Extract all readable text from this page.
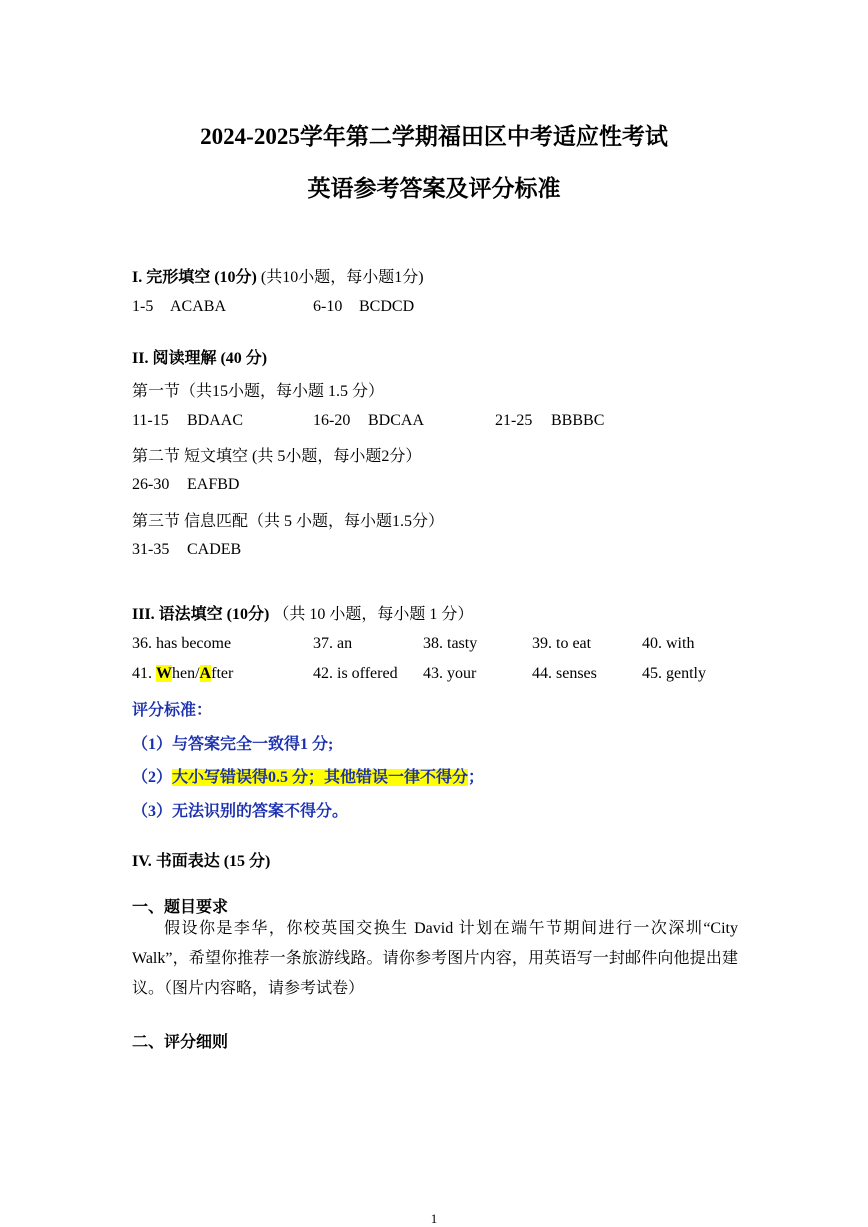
2024-2025学年第二学期福田区中考适应性考试
英语参考答案及评分标准
I. 完形填空 (10分) (共10小题，每小题1分)
1-5 ACABA	6-10 BCDCD
II. 阅读理解 (40 分)
第一节（共15小题，每小题 1.5 分）
11-15 BDAAC	16-20 BDCAA	21-25 BBBBC
第二节 短文填空 (共 5小题，每小题2分）
26-30 EAFBD
第三节 信息匹配（共 5 小题，每小题1.5分）
31-35 CADEB
III. 语法填空 (10分) （共 10 小题，每小题 1 分）
36. has become	37. an	38. tasty	39. to eat	40. with
41. When/After	42. is offered 43. your	44. senses	45. gently
评分标准：
（1）与答案完全一致得1 分;
（2）大小写错误得0.5 分；其他错误一律不得分；
（3）无法识别的答案不得分。
IV. 书面表达 (15 分)
一、题目要求
假设你是李华，你校英国交换生 David 计划在端午节期间进行一次深圳“City Walk”，希望你推荐一条旅游线路。请你参考图片内容，用英语写一封邮件向他提出建议。（图片内容略，请参考试卷）
二、评分细则
1
